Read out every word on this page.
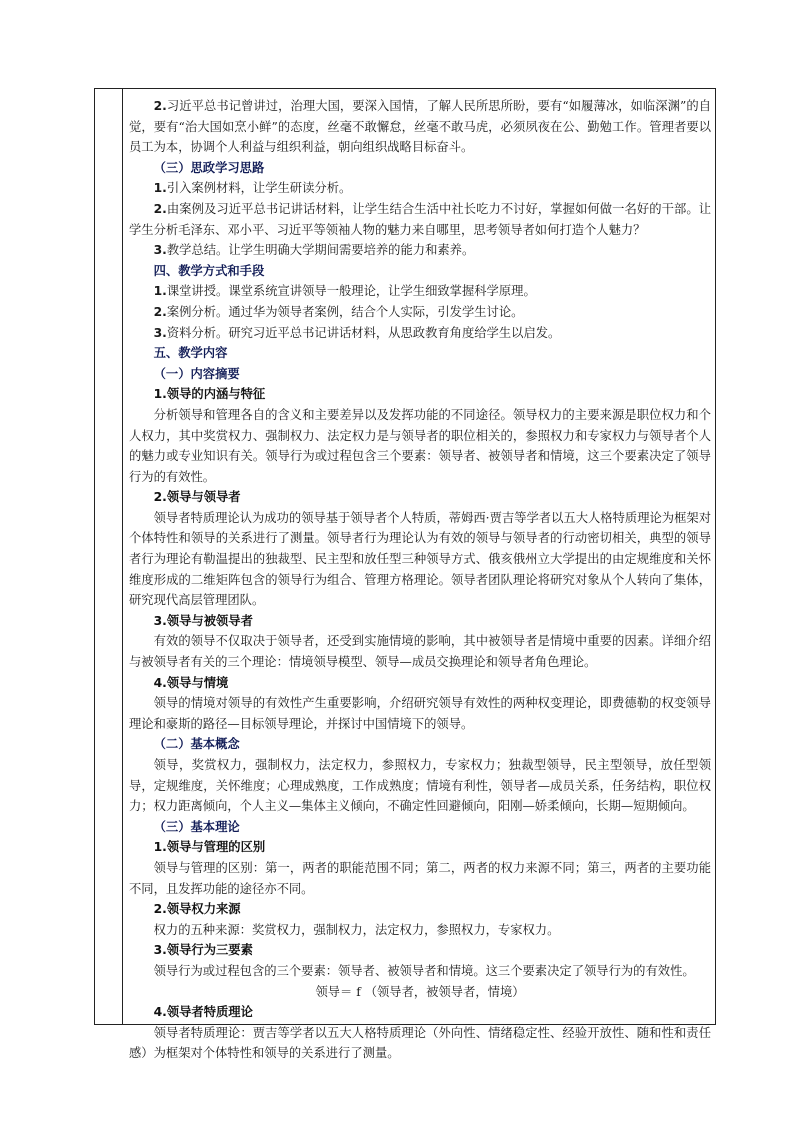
2.习近平总书记曾讲过，治理大国，要深入国情，了解人民所思所盼，要有“如履薄冰，如临深渊”的自觉，要有“治大国如烹小鲜”的态度，丝毫不敢懈怠，丝毫不敢马虎，必须夙夜在公、勤勉工作。管理者要以员工为本，协调个人利益与组织利益，朝向组织战略目标奋斗。

（三）思政学习思路

1.引入案例材料，让学生研读分析。

2.由案例及习近平总书记讲话材料，让学生结合生活中社长吃力不讨好，掌握如何做一名好的干部。让学生分析毛泽东、邓小平、习近平等领袖人物的魅力来自哪里，思考领导者如何打造个人魅力？

3.教学总结。让学生明确大学期间需要培养的能力和素养。

四、教学方式和手段

1.课堂讲授。课堂系统宣讲领导一般理论，让学生细致掌握科学原理。

2.案例分析。通过华为领导者案例，结合个人实际，引发学生讨论。

3.资料分析。研究习近平总书记讲话材料，从思政教育角度给学生以启发。

五、教学内容

（一）内容摘要

1.领导的内涵与特征

分析领导和管理各自的含义和主要差异以及发挥功能的不同途径。领导权力的主要来源是职位权力和个人权力，其中奖赏权力、强制权力、法定权力是与领导者的职位相关的，参照权力和专家权力与领导者个人的魅力或专业知识有关。领导行为或过程包含三个要素：领导者、被领导者和情境，这三个要素决定了领导行为的有效性。

2.领导与领导者

领导者特质理论认为成功的领导基于领导者个人特质，蒂姆西·贾吉等学者以五大人格特质理论为框架对个体特性和领导的关系进行了测量。领导者行为理论认为有效的领导与领导者的行动密切相关，典型的领导者行为理论有勒温提出的独裁型、民主型和放任型三种领导方式、俄亥俄州立大学提出的由定规维度和关怀维度形成的二维矩阵包含的领导行为组合、管理方格理论。领导者团队理论将研究对象从个人转向了集体，研究现代高层管理团队。

3.领导与被领导者

有效的领导不仅取决于领导者，还受到实施情境的影响，其中被领导者是情境中重要的因素。详细介绍与被领导者有关的三个理论：情境领导模型、领导—成员交换理论和领导者角色理论。

4.领导与情境

领导的情境对领导的有效性产生重要影响，介绍研究领导有效性的两种权变理论，即费德勒的权变领导理论和豪斯的路径—目标领导理论，并探讨中国情境下的领导。

（二）基本概念

领导，奖赏权力，强制权力，法定权力，参照权力，专家权力；独裁型领导，民主型领导，放任型领导，定规维度，关怀维度；心理成熟度，工作成熟度；情境有利性，领导者—成员关系，任务结构，职位权力；权力距离倾向，个人主义—集体主义倾向，不确定性回避倾向，阳刚—娇柔倾向，长期—短期倾向。

（三）基本理论

1.领导与管理的区别

领导与管理的区别：第一，两者的职能范围不同；第二，两者的权力来源不同；第三，两者的主要功能不同，且发挥功能的途径亦不同。

2.领导权力来源

权力的五种来源：奖赏权力，强制权力，法定权力，参照权力，专家权力。

3.领导行为三要素

领导行为或过程包含的三个要素：领导者、被领导者和情境。这三个要素决定了领导行为的有效性。

领导＝ f （领导者，被领导者，情境）

4.领导者特质理论

领导者特质理论：贾吉等学者以五大人格特质理论（外向性、情绪稳定性、经验开放性、随和性和责任感）为框架对个体特性和领导的关系进行了测量。
